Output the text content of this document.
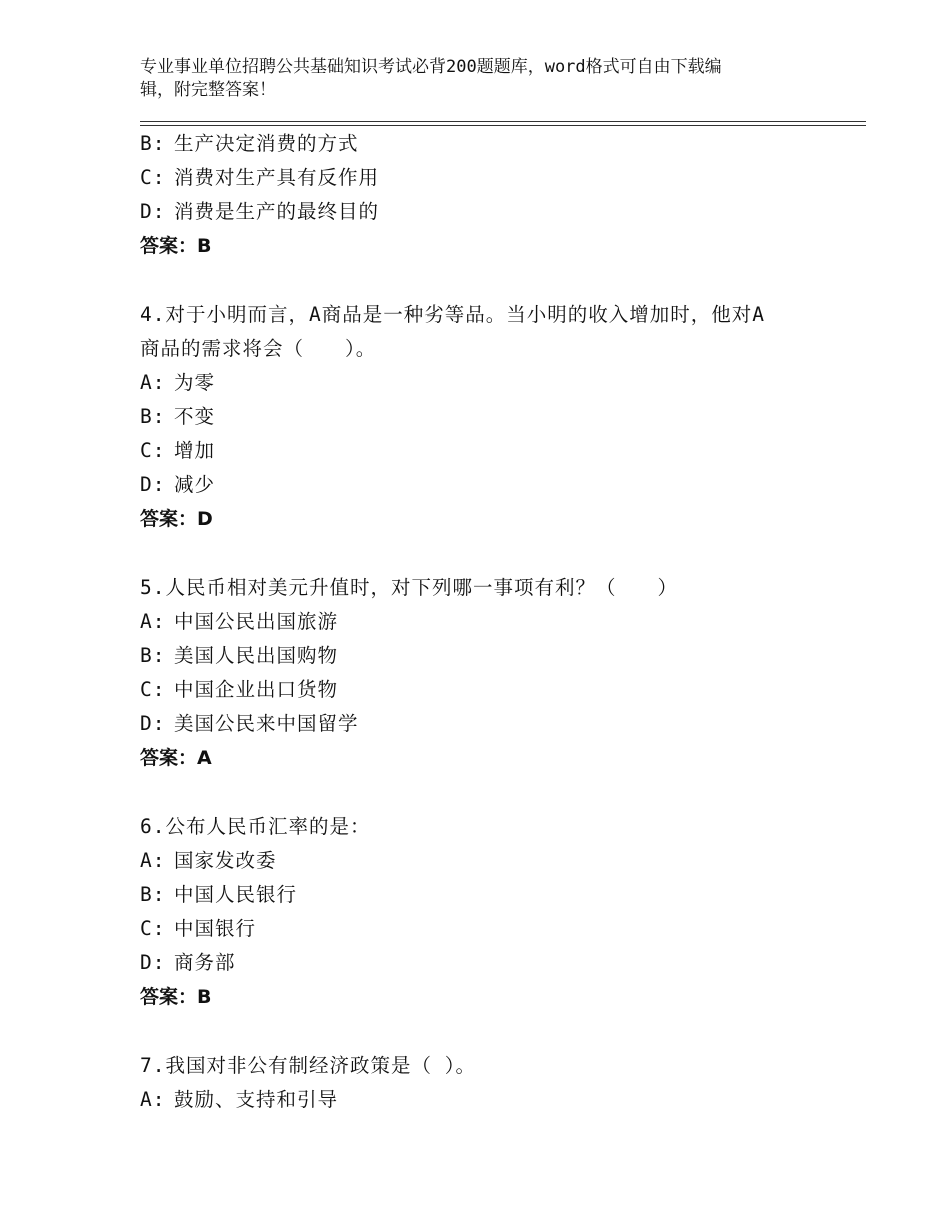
专业事业单位招聘公共基础知识考试必背200题题库，word格式可自由下载编
辑，附完整答案！
B: 生产决定消费的方式
C: 消费对生产具有反作用
D: 消费是生产的最终目的
答案：B
4.对于小明而言，A商品是一种劣等品。当小明的收入增加时，他对A
商品的需求将会（　　）。
A: 为零
B: 不变
C: 增加
D: 减少
答案：D
5.人民币相对美元升值时，对下列哪一事项有利？（　　）
A: 中国公民出国旅游
B: 美国人民出国购物
C: 中国企业出口货物
D: 美国公民来中国留学
答案：A
6.公布人民币汇率的是：
A: 国家发改委
B: 中国人民银行
C: 中国银行
D: 商务部
答案：B
7.我国对非公有制经济政策是（ ）。
A: 鼓励、支持和引导
